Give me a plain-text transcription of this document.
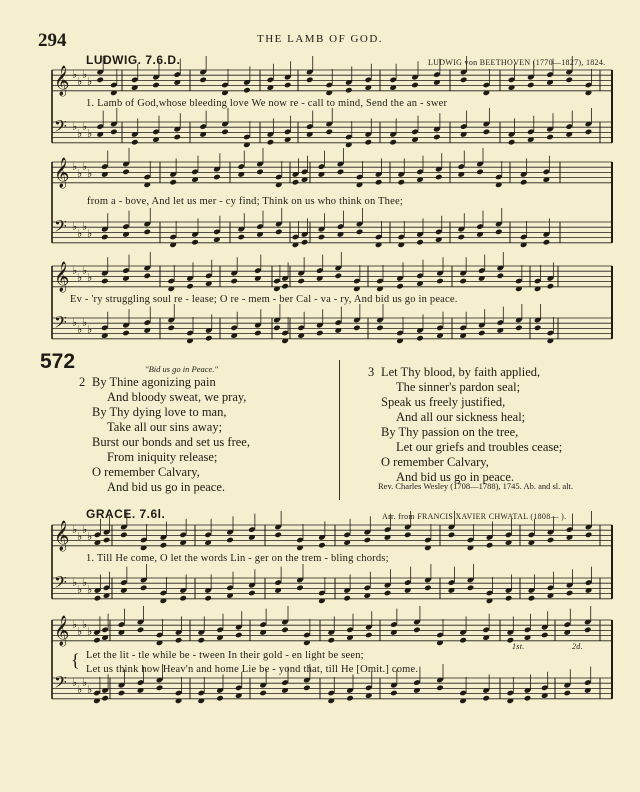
294	THE LAMB OF GOD.
LUDWIG. 7.6.D.	LUDWIG von BEETHOVEN (1770—1827), 1824.
𝄞 ♭
♭
♭
♭
𝄢 ♭
♭
♭
♭
𝄞 ♭
♭
♭
♭
𝄢 ♭
♭
♭
♭
𝄞 ♭
♭
♭
♭
𝄢 ♭
♭
♭
♭
𝄞 ♭
♭
♭
♭
𝄢 ♭
♭
♭
♭
𝄞 ♭
♭
♭
♭
𝄢 ♭
♭
♭
♭
1. Lamb of God,whose bleeding love We now re - call to mind, Send the an - swer
from a - bove, And let us mer - cy find; Think on us who think on Thee;
Ev - 'ry struggling soul re - lease; O re - mem - ber Cal - va - ry, And bid us go in peace.
572	"Bid us go in Peace."
2 By Thine agonizing pain
And bloody sweat, we pray,
By Thy dying love to man,
Take all our sins away;
Burst our bonds and set us free,
From iniquity release;
O remember Calvary,
And bid us go in peace.
3 Let Thy blood, by faith applied,
The sinner's pardon seal;
Speak us freely justified,
And all our sickness heal;
By Thy passion on the tree,
Let our griefs and troubles cease;
O remember Calvary,
And bid us go in peace.
Rev. Charles Wesley (1708—1788), 1745. Ab. and sl. alt.
GRACE. 7.6l.	Arr. from FRANCIS XAVIER CHWATAL (1808— ).
1. Till He come, O let the words Lin - ger on the trem - bling chords;
{ Let the lit - tle while be - tween In their gold - en light be seen;
Let us think how Heav'n and home Lie be - yond that, till He [Omit.] come.
1st.	2d.
